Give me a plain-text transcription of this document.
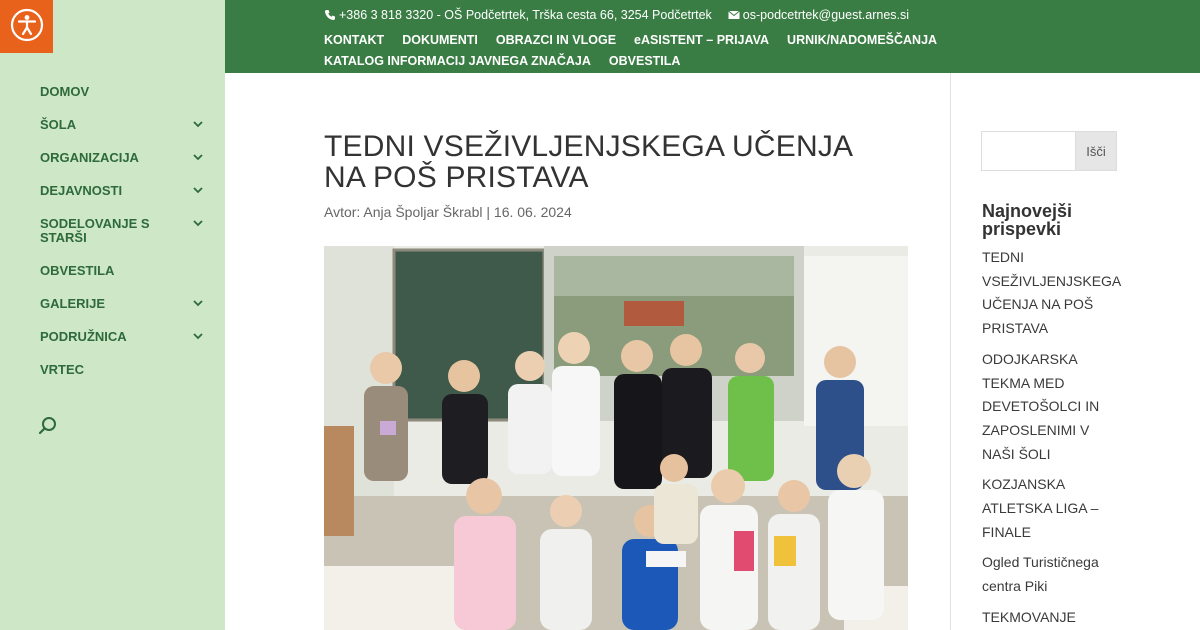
DOMOV
ŠOLA
ORGANIZACIJA
DEJAVNOSTI
SODELOVANJE S STARŠI
OBVESTILA
GALERIJE
PODRUŽNICA
VRTEC
+386 3 818 3320 - OŠ Podčetrtek, Trška cesta 66, 3254 Podčetrtek os-podcetrtek@guest.arnes.si
KONTAKT DOKUMENTI OBRAZCI IN VLOGE eASISTENT – PRIJAVA URNIK/NADOMEŠČANJA
KATALOG INFORMACIJ JAVNEGA ZNAČAJA OBVESTILA
TEDNI VSEŽIVLJENJSKEGA UČENJA NA POŠ PRISTAVA
Avtor: Anja Špoljar Škrabl | 16. 06. 2024
Išči
Najnovejši prispevki
TEDNI VSEŽIVLJENJSKEGA UČENJA NA POŠ PRISTAVA
ODOJKARSKA TEKMA MED DEVETOŠOLCI IN ZAPOSLENIMI V NAŠI ŠOLI
KOZJANSKA ATLETSKA LIGA – FINALE
Ogled Turističnega centra Piki
TEKMOVANJE
